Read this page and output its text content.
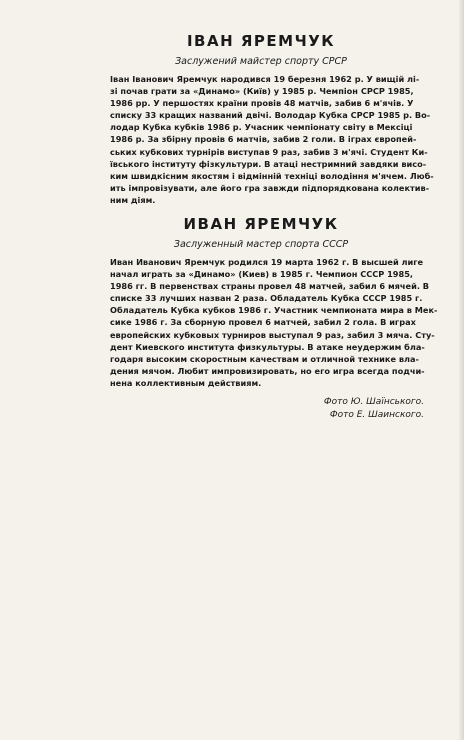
ІВАН ЯРЕМЧУК
Заслужений майстер спорту СРСР

Іван Іванович Яремчук народився 19 березня 1962 р. У вищій лі-
зі почав грати за «Динамо» (Київ) у 1985 р. Чемпіон СРСР 1985,
1986 рр. У першостях країни провів 48 матчів, забив 6 м'ячів. У
списку 33 кращих названий двічі. Володар Кубка СРСР 1985 р. Во-
лодар Кубка кубків 1986 р. Учасник чемпіонату світу в Мексіці
1986 р. За збірну провів 6 матчів, забив 2 голи. В іграх європей-
ських кубкових турнірів виступав 9 раз, забив 3 м'ячі. Студент Ки-
ївського інституту фізкультури. В атаці нестримний завдяки висо-
ким швидкісним якостям і відмінній техніці володіння м'ячем. Люб-
ить імпровізувати, але його гра завжди підпорядкована колектив-
ним діям.

ИВАН ЯРЕМЧУК
Заслуженный мастер спорта СССР

Иван Иванович Яремчук родился 19 марта 1962 г. В высшей лиге
начал играть за «Динамо» (Киев) в 1985 г. Чемпион СССР 1985,
1986 гг. В первенствах страны провел 48 матчей, забил 6 мячей. В
списке 33 лучших назван 2 раза. Обладатель Кубка СССР 1985 г.
Обладатель Кубка кубков 1986 г. Участник чемпионата мира в Мек-
сике 1986 г. За сборную провел 6 матчей, забил 2 гола. В играх
европейских кубковых турниров выступал 9 раз, забил 3 мяча. Сту-
дент Киевского института физкультуры. В атаке неудержим бла-
годаря высоким скоростным качествам и отличной технике вла-
дения мячом. Любит импровизировать, но его игра всегда подчи-
нена коллективным действиям.

Фото Ю. Шаїнського.
Фото Е. Шаинского.
